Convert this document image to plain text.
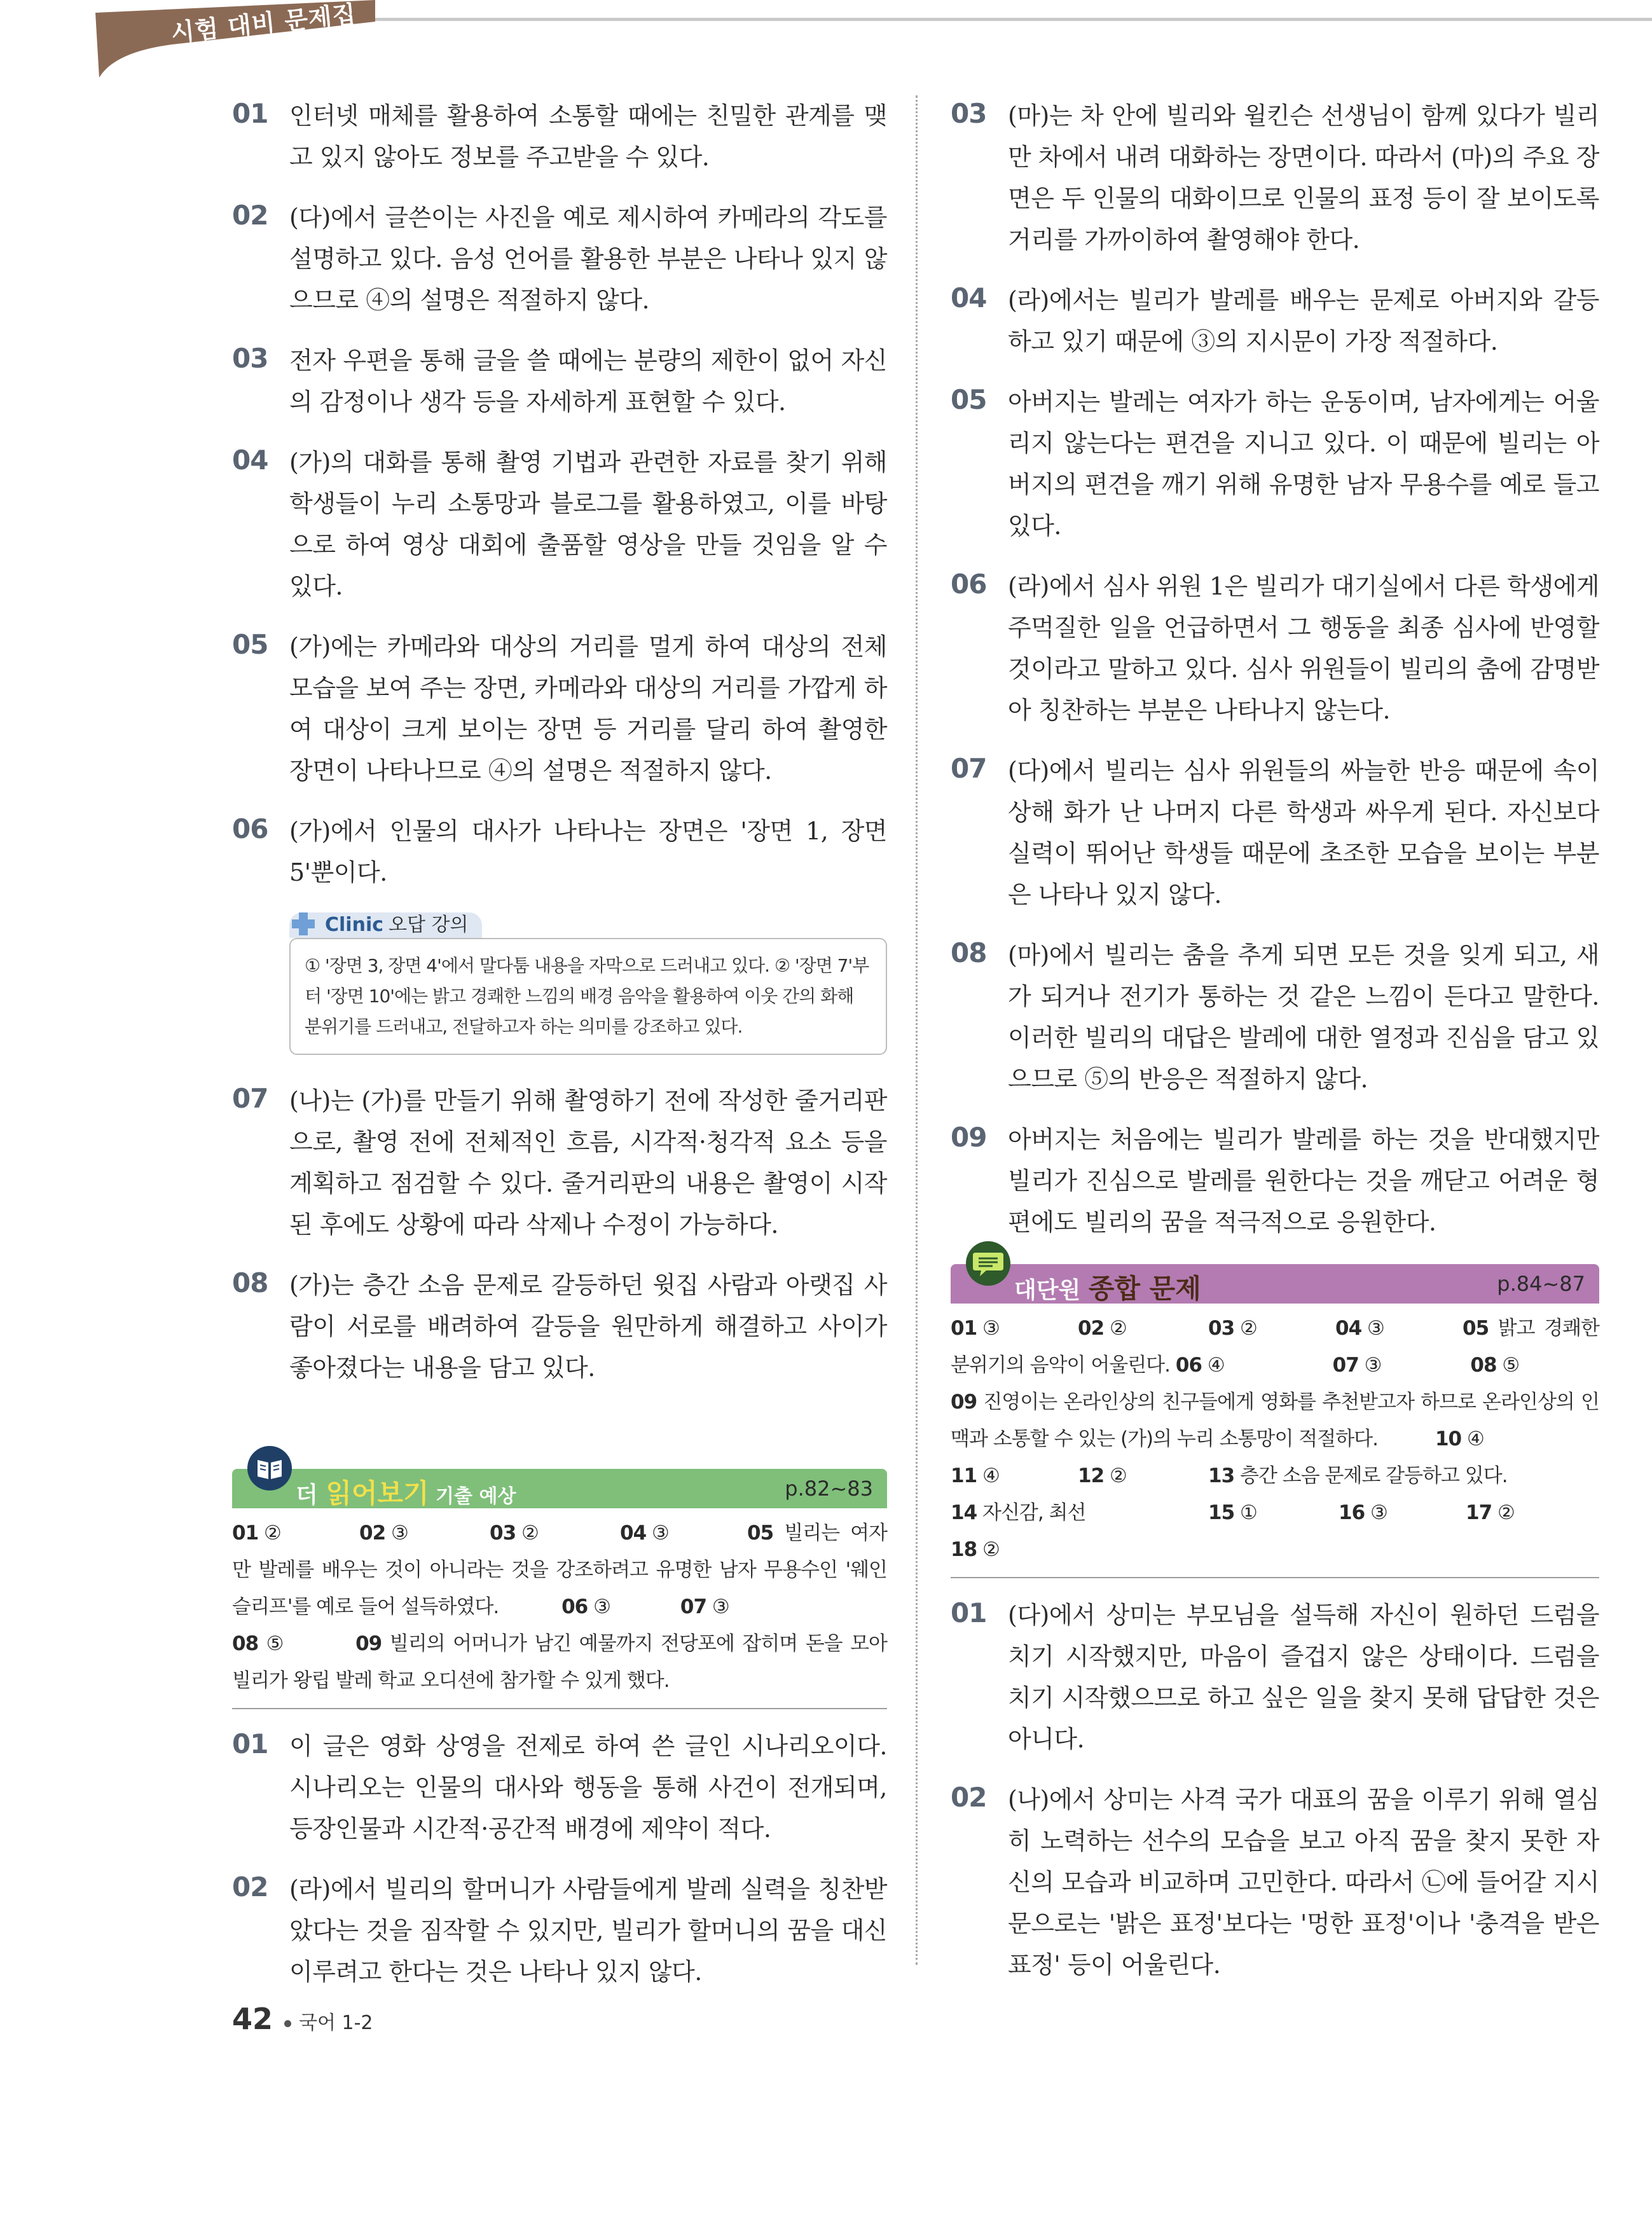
시험 대비 문제집
01 인터넷 매체를 활용하여 소통할 때에는 친밀한 관계를 맺고 있지 않아도 정보를 주고받을 수 있다.
02 (다)에서 글쓴이는 사진을 예로 제시하여 카메라의 각도를 설명하고 있다. 음성 언어를 활용한 부분은 나타나 있지 않으므로 ④의 설명은 적절하지 않다.
03 전자 우편을 통해 글을 쓸 때에는 분량의 제한이 없어 자신의 감정이나 생각 등을 자세하게 표현할 수 있다.
04 (가)의 대화를 통해 촬영 기법과 관련한 자료를 찾기 위해 학생들이 누리 소통망과 블로그를 활용하였고, 이를 바탕으로 하여 영상 대회에 출품할 영상을 만들 것임을 알 수 있다.
05 (가)에는 카메라와 대상의 거리를 멀게 하여 대상의 전체 모습을 보여 주는 장면, 카메라와 대상의 거리를 가깝게 하여 대상이 크게 보이는 장면 등 거리를 달리 하여 촬영한 장면이 나타나므로 ④의 설명은 적절하지 않다.
06 (가)에서 인물의 대사가 나타나는 장면은 '장면 1, 장면 5'뿐이다.
Clinic 오답 강의
① '장면 3, 장면 4'에서 말다툼 내용을 자막으로 드러내고 있다. ② '장면 7'부터 '장면 10'에는 밝고 경쾌한 느낌의 배경 음악을 활용하여 이웃 간의 화해 분위기를 드러내고, 전달하고자 하는 의미를 강조하고 있다.
07 (나)는 (가)를 만들기 위해 촬영하기 전에 작성한 줄거리판으로, 촬영 전에 전체적인 흐름, 시각적·청각적 요소 등을 계획하고 점검할 수 있다. 줄거리판의 내용은 촬영이 시작된 후에도 상황에 따라 삭제나 수정이 가능하다.
08 (가)는 층간 소음 문제로 갈등하던 윗집 사람과 아랫집 사람이 서로를 배려하여 갈등을 원만하게 해결하고 사이가 좋아졌다는 내용을 담고 있다.
더 읽어보기 기출 예상	p.82~83
01 ②	02 ③	03 ②	04 ③	05 빌리는 여자만 발레를 배우는 것이 아니라는 것을 강조하려고 유명한 남자 무용수인 '웨인 슬리프'를 예로 들어 설득하였다.	06 ③	07 ③
08 ⑤	09 빌리의 어머니가 남긴 예물까지 전당포에 잡히며 돈을 모아 빌리가 왕립 발레 학교 오디션에 참가할 수 있게 했다.
01 이 글은 영화 상영을 전제로 하여 쓴 글인 시나리오이다. 시나리오는 인물의 대사와 행동을 통해 사건이 전개되며, 등장인물과 시간적·공간적 배경에 제약이 적다.
02 (라)에서 빌리의 할머니가 사람들에게 발레 실력을 칭찬받았다는 것을 짐작할 수 있지만, 빌리가 할머니의 꿈을 대신 이루려고 한다는 것은 나타나 있지 않다.
03 (마)는 차 안에 빌리와 윌킨슨 선생님이 함께 있다가 빌리만 차에서 내려 대화하는 장면이다. 따라서 (마)의 주요 장면은 두 인물의 대화이므로 인물의 표정 등이 잘 보이도록 거리를 가까이하여 촬영해야 한다.
04 (라)에서는 빌리가 발레를 배우는 문제로 아버지와 갈등하고 있기 때문에 ③의 지시문이 가장 적절하다.
05 아버지는 발레는 여자가 하는 운동이며, 남자에게는 어울리지 않는다는 편견을 지니고 있다. 이 때문에 빌리는 아버지의 편견을 깨기 위해 유명한 남자 무용수를 예로 들고 있다.
06 (라)에서 심사 위원 1은 빌리가 대기실에서 다른 학생에게 주먹질한 일을 언급하면서 그 행동을 최종 심사에 반영할 것이라고 말하고 있다. 심사 위원들이 빌리의 춤에 감명받아 칭찬하는 부분은 나타나지 않는다.
07 (다)에서 빌리는 심사 위원들의 싸늘한 반응 때문에 속이 상해 화가 난 나머지 다른 학생과 싸우게 된다. 자신보다 실력이 뛰어난 학생들 때문에 초조한 모습을 보이는 부분은 나타나 있지 않다.
08 (마)에서 빌리는 춤을 추게 되면 모든 것을 잊게 되고, 새가 되거나 전기가 통하는 것 같은 느낌이 든다고 말한다. 이러한 빌리의 대답은 발레에 대한 열정과 진심을 담고 있으므로 ⑤의 반응은 적절하지 않다.
09 아버지는 처음에는 빌리가 발레를 하는 것을 반대했지만 빌리가 진심으로 발레를 원한다는 것을 깨닫고 어려운 형편에도 빌리의 꿈을 적극적으로 응원한다.
대단원 종합 문제	p.84~87
01 ③	02 ②	03 ②	04 ③	05 밝고 경쾌한 분위기의 음악이 어울린다. 06 ④	07 ③	08 ⑤
09 진영이는 온라인상의 친구들에게 영화를 추천받고자 하므로 온라인상의 인맥과 소통할 수 있는 (가)의 누리 소통망이 적절하다.	10 ④
11 ④	12 ②	13 층간 소음 문제로 갈등하고 있다.
14 자신감, 최선	15 ①	16 ③	17 ②
18 ②
01 (다)에서 상미는 부모님을 설득해 자신이 원하던 드럼을 치기 시작했지만, 마음이 즐겁지 않은 상태이다. 드럼을 치기 시작했으므로 하고 싶은 일을 찾지 못해 답답한 것은 아니다.
02 (나)에서 상미는 사격 국가 대표의 꿈을 이루기 위해 열심히 노력하는 선수의 모습을 보고 아직 꿈을 찾지 못한 자신의 모습과 비교하며 고민한다. 따라서 ㉡에 들어갈 지시문으로는 '밝은 표정'보다는 '멍한 표정'이나 '충격을 받은 표정' 등이 어울린다.
42 국어 1-2
